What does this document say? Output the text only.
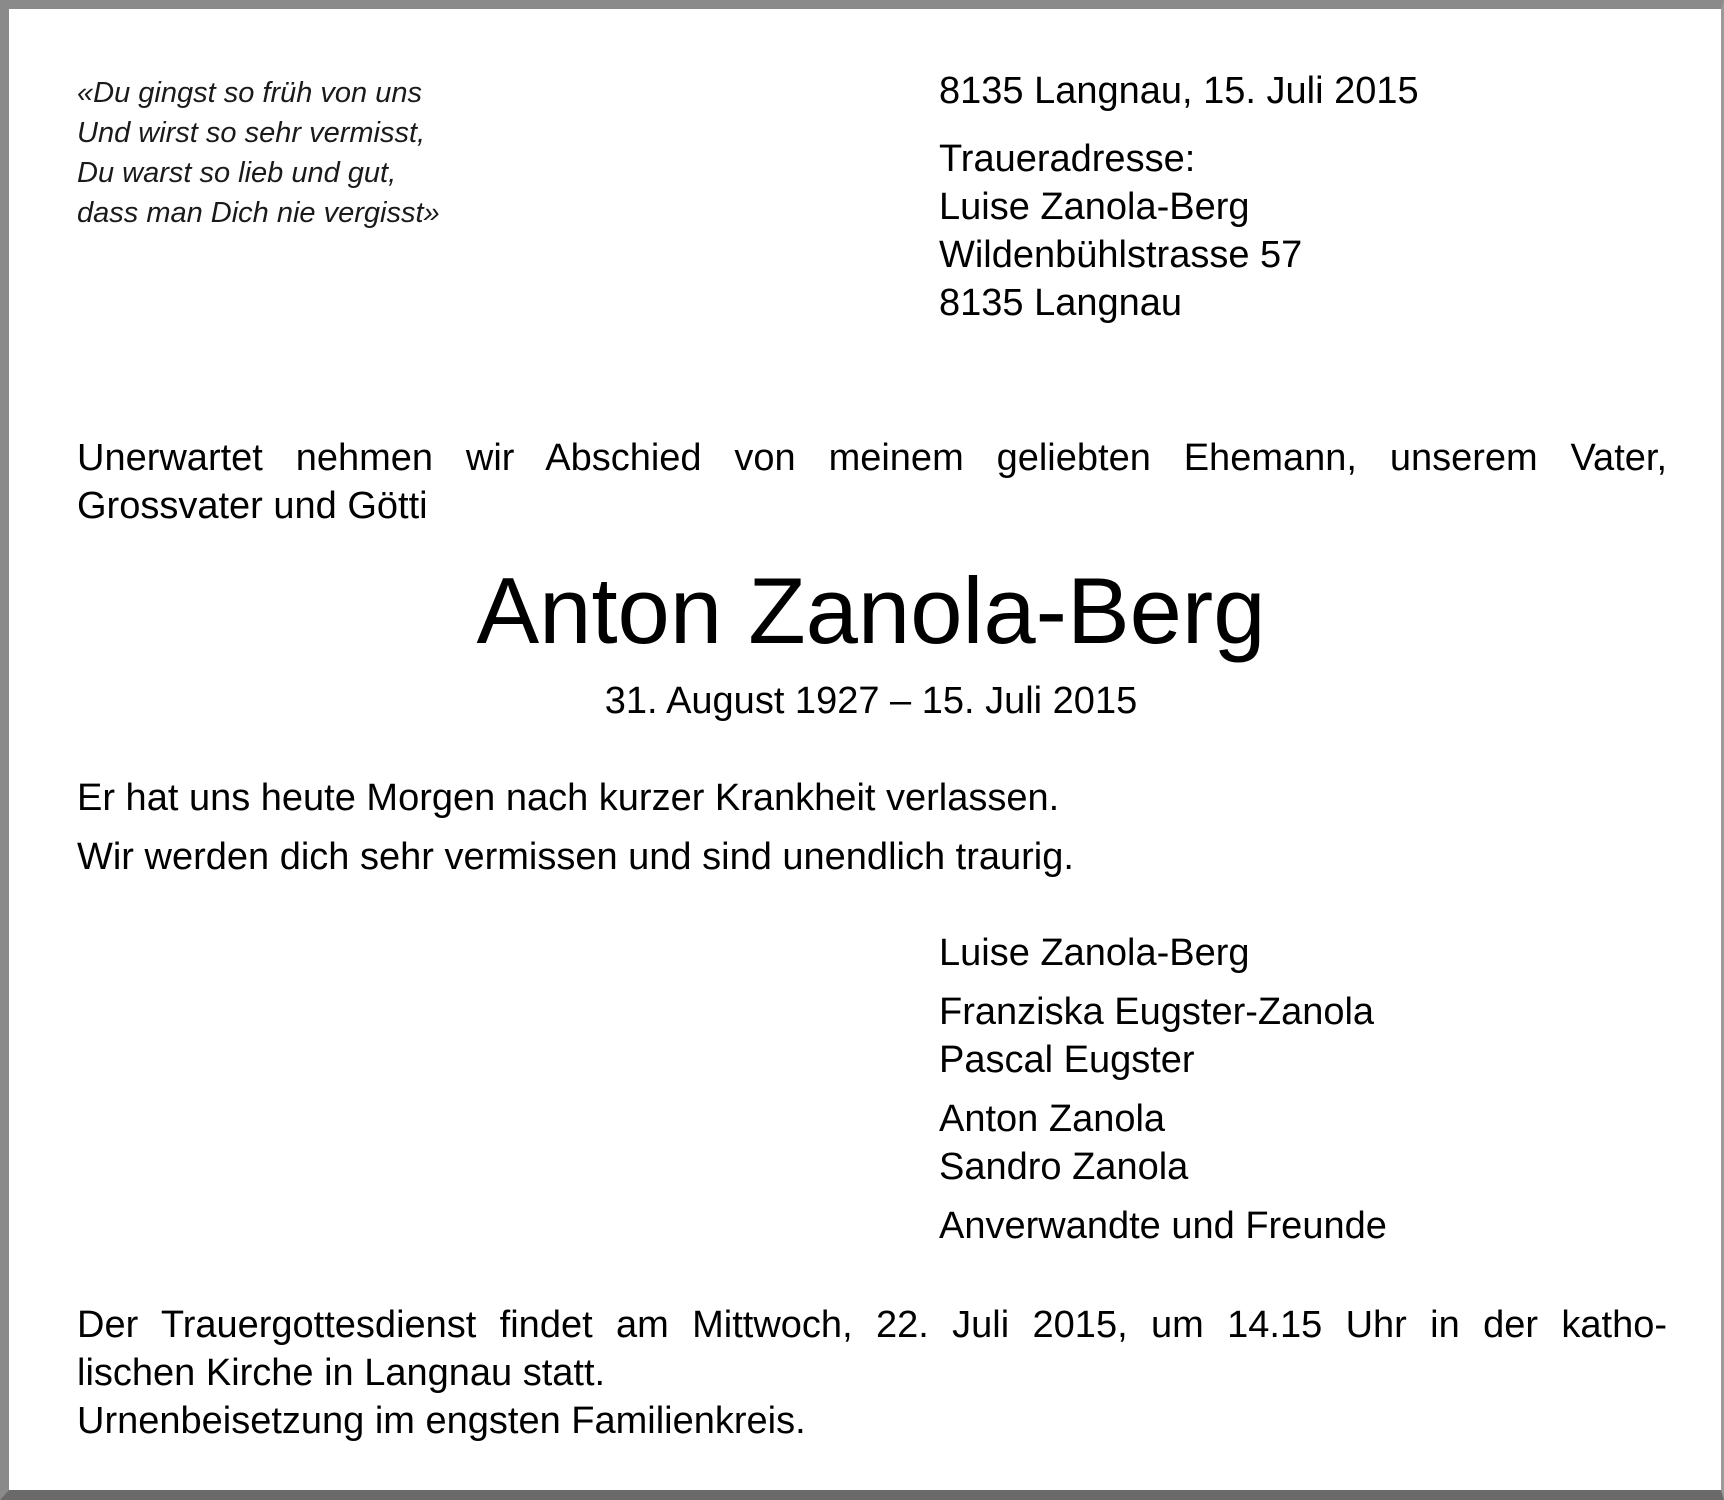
«Du gingst so früh von uns
Und wirst so sehr vermisst,
Du warst so lieb und gut,
dass man Dich nie vergisst»
8135 Langnau, 15. Juli 2015
Traueradresse:
Luise Zanola-Berg
Wildenbühlstrasse 57
8135 Langnau
Unerwartet nehmen wir Abschied von meinem geliebten Ehemann, unserem Vater,
Grossvater und Götti
Anton Zanola-Berg
31. August 1927 – 15. Juli 2015
Er hat uns heute Morgen nach kurzer Krankheit verlassen.
Wir werden dich sehr vermissen und sind unendlich traurig.
Luise Zanola-Berg
Franziska Eugster-Zanola
Pascal Eugster
Anton Zanola
Sandro Zanola
Anverwandte und Freunde
Der Trauergottesdienst findet am Mittwoch, 22. Juli 2015, um 14.15 Uhr in der katho-
lischen Kirche in Langnau statt.
Urnenbeisetzung im engsten Familienkreis.
